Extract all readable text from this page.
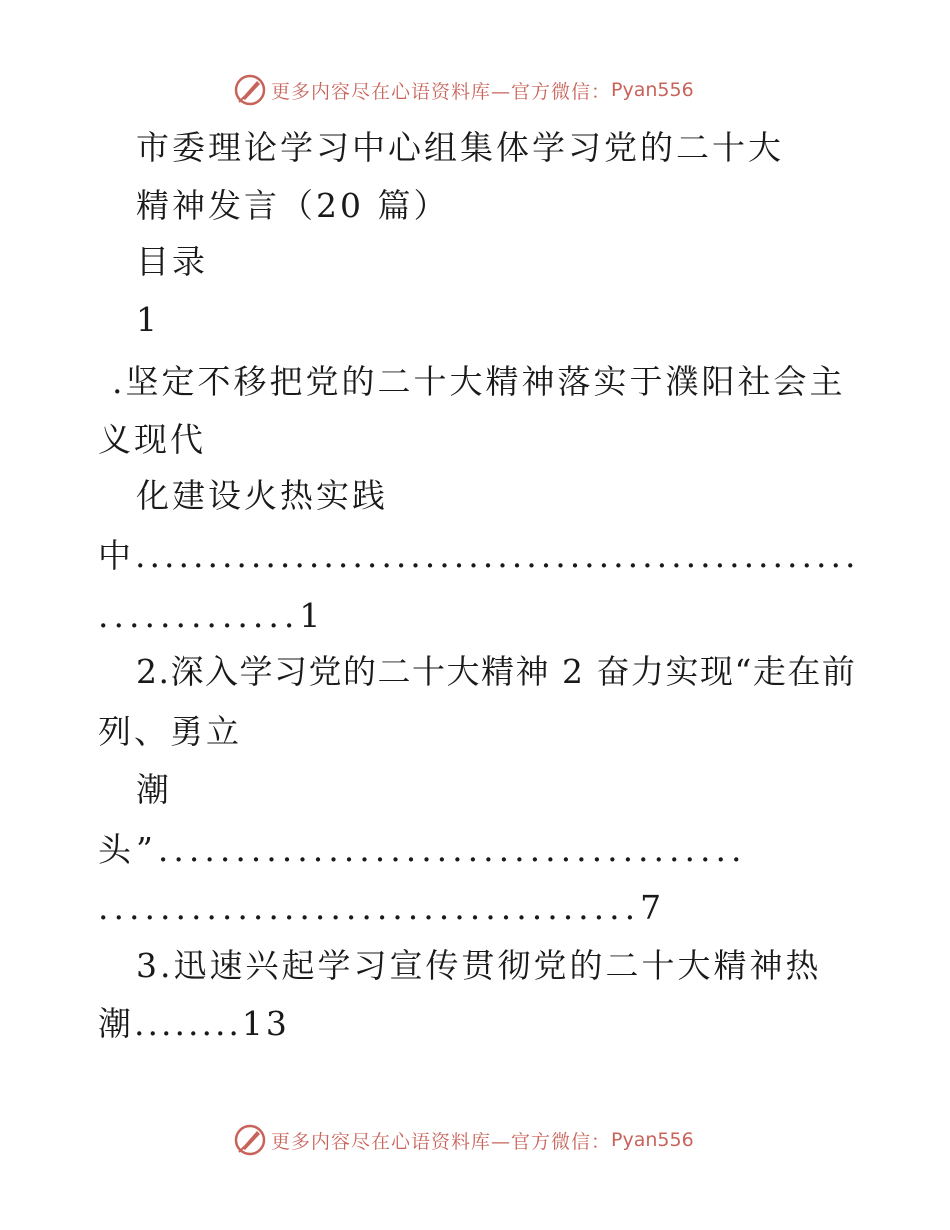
更多内容尽在心语资料库—官方微信： Pyan556
市委理论学习中心组集体学习党的二十大
精神发言（20 篇）
目录
1
.坚定不移把党的二十大精神落实于濮阳社会主
义现代
化建设火热实践
中..................................................
.............1
2.深入学习党的二十大精神 2 奋力实现“走在前
列、勇立
潮
头”......................................
...................................7
3.迅速兴起学习宣传贯彻党的二十大精神热
潮........13
更多内容尽在心语资料库—官方微信： Pyan556
